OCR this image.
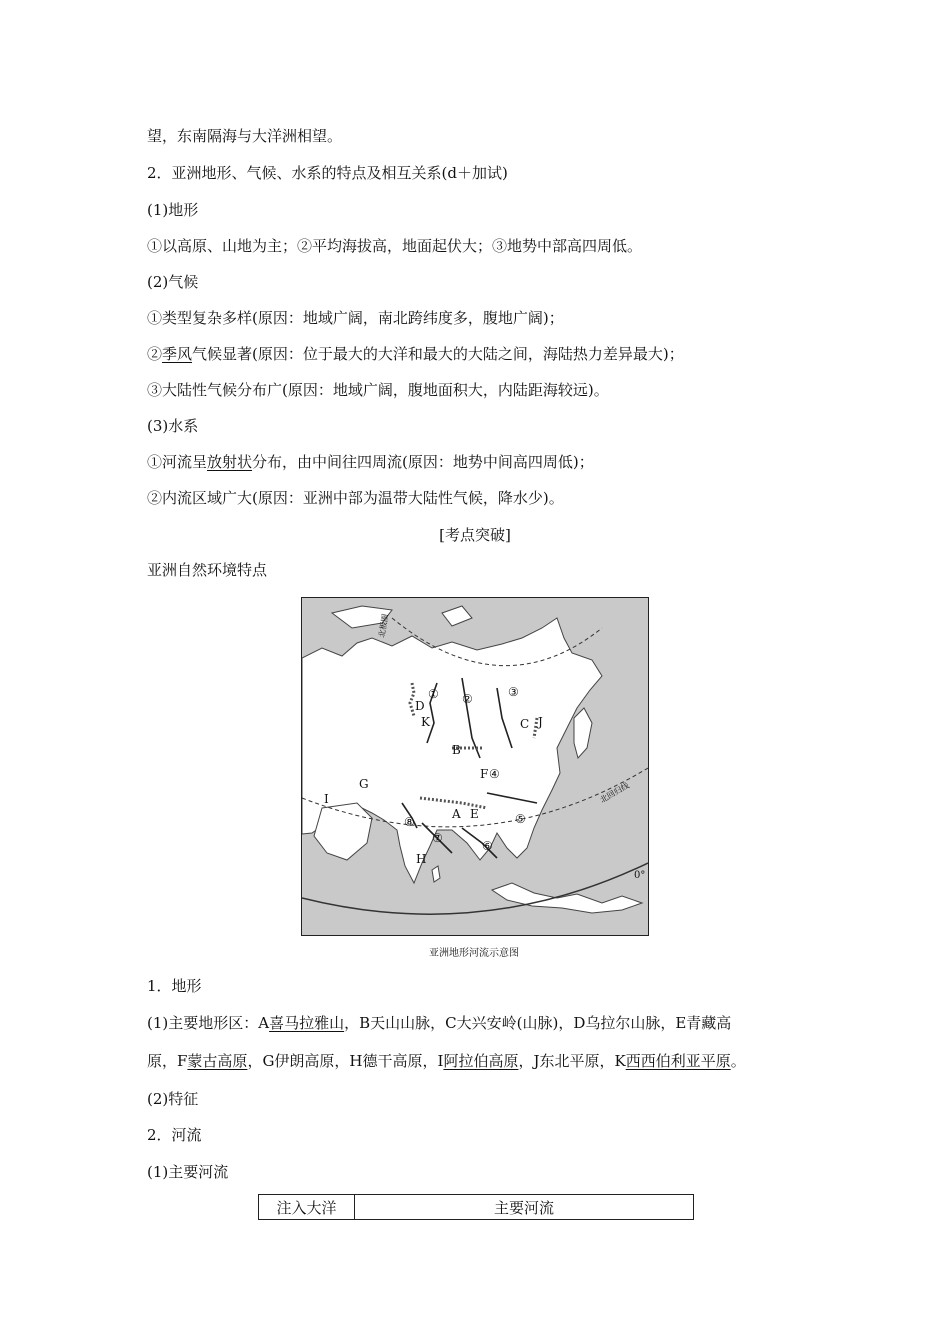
望，东南隔海与大洋洲相望。
2．亚洲地形、气候、水系的特点及相互关系(d＋加试)
(1)地形
①以高原、山地为主；②平均海拔高，地面起伏大；③地势中部高四周低。
(2)气候
①类型复杂多样(原因：地域广阔，南北跨纬度多，腹地广阔)；
②季风气候显著(原因：位于最大的大洋和最大的大陆之间，海陆热力差异最大)；
③大陆性气候分布广(原因：地域广阔，腹地面积大，内陆距海较远)。
(3)水系
①河流呈放射状分布，由中间往四周流(原因：地势中间高四周低)；
②内流区域广大(原因：亚洲中部为温带大陆性气候，降水少)。
[考点突破]
亚洲自然环境特点
北极圈
北回归线
0°
A
B
C
D
E
F
G
H
I
J
K
① ②	③
④
⑤
⑥
⑦
⑧
亚洲地形河流示意图
1．地形
(1)主要地形区：A喜马拉雅山，B天山山脉，C大兴安岭(山脉)，D乌拉尔山脉，E青藏高
原，F蒙古高原，G伊朗高原，H德干高原，I阿拉伯高原，J东北平原，K西西伯利亚平原。
(2)特征
2．河流
(1)主要河流
注入大洋	主要河流
